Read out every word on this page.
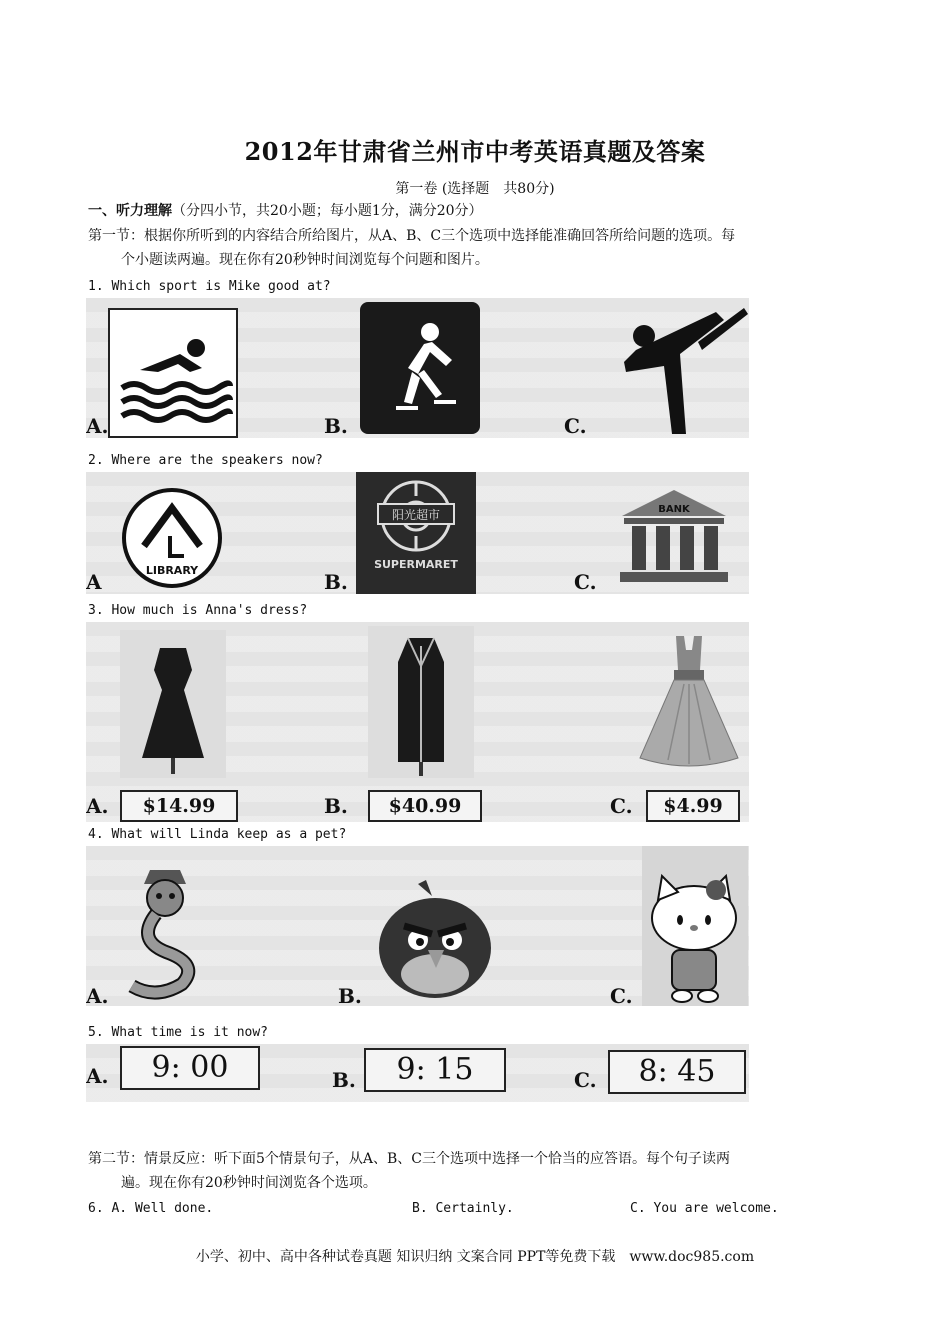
2012年甘肃省兰州市中考英语真题及答案
第一卷 (选择题　共80分)
一、听力理解（分四小节，共20小题；每小题1分，满分20分）
第一节：根据你所听到的内容结合所给图片，从A、B、C三个选项中选择能准确回答所给问题的选项。每
个小题读两遍。现在你有20秒钟时间浏览每个问题和图片。
1. Which sport is Mike good at?
A.	B.	C.
2. Where are the speakers now?
LIBRARY
A
阳光超市
SUPERMARET
B.
BANK
C.
3. How much is Anna's dress?
A.	$14.99	B.	$40.99	C.	$4.99
4. What will Linda keep as a pet?
A.	B.	C.
5. What time is it now?
A.	9: 00	B.	9: 15	C.	8: 45
第二节：情景反应：听下面5个情景句子，从A、B、C三个选项中选择一个恰当的应答语。每个句子读两
遍。现在你有20秒钟时间浏览各个选项。
6. A. Well done.	B. Certainly.	C. You are welcome.
小学、初中、高中各种试卷真题 知识归纳 文案合同 PPT等免费下载　www.doc985.com
